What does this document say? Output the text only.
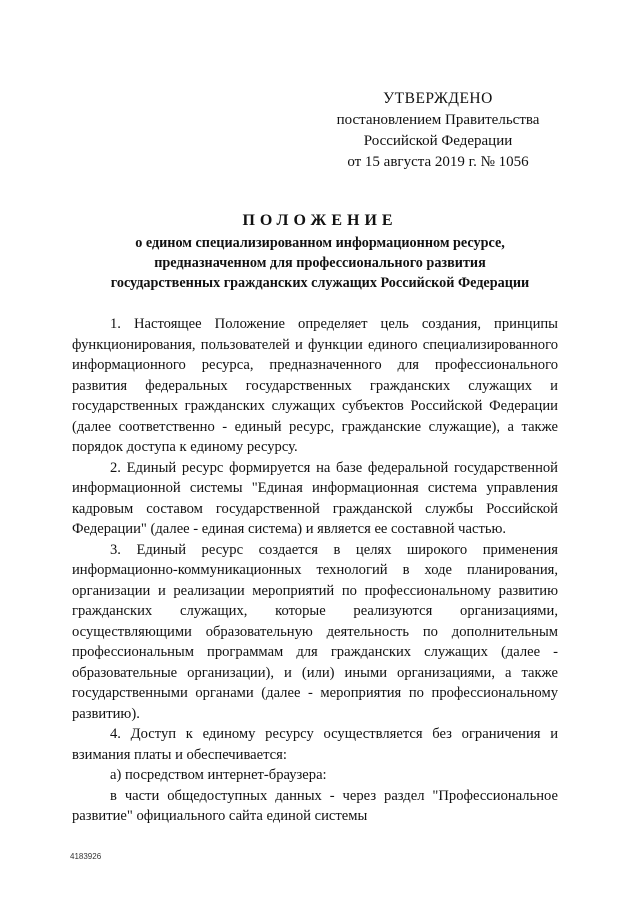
УТВЕРЖДЕНО
постановлением Правительства
Российской Федерации
от 15 августа 2019 г. № 1056
ПОЛОЖЕНИЕ
о едином специализированном информационном ресурсе,
предназначенном для профессионального развития
государственных гражданских служащих Российской Федерации

1. Настоящее Положение определяет цель создания, принципы функционирования, пользователей и функции единого специализированного информационного ресурса, предназначенного для профессионального развития федеральных государственных гражданских служащих и государственных гражданских служащих субъектов Российской Федерации (далее соответственно - единый ресурс, гражданские служащие), а также порядок доступа к единому ресурсу.

2. Единый ресурс формируется на базе федеральной государственной информационной системы "Единая информационная система управления кадровым составом государственной гражданской службы Российской Федерации" (далее - единая система) и является ее составной частью.

3. Единый ресурс создается в целях широкого применения информационно-коммуникационных технологий в ходе планирования, организации и реализации мероприятий по профессиональному развитию гражданских служащих, которые реализуются организациями, осуществляющими образовательную деятельность по дополнительным профессиональным программам для гражданских служащих (далее - образовательные организации), и (или) иными организациями, а также государственными органами (далее - мероприятия по профессиональному развитию).

4. Доступ к единому ресурсу осуществляется без ограничения и взимания платы и обеспечивается:

а) посредством интернет-браузера:

в части общедоступных данных - через раздел "Профессиональное развитие" официального сайта единой системы

4183926
